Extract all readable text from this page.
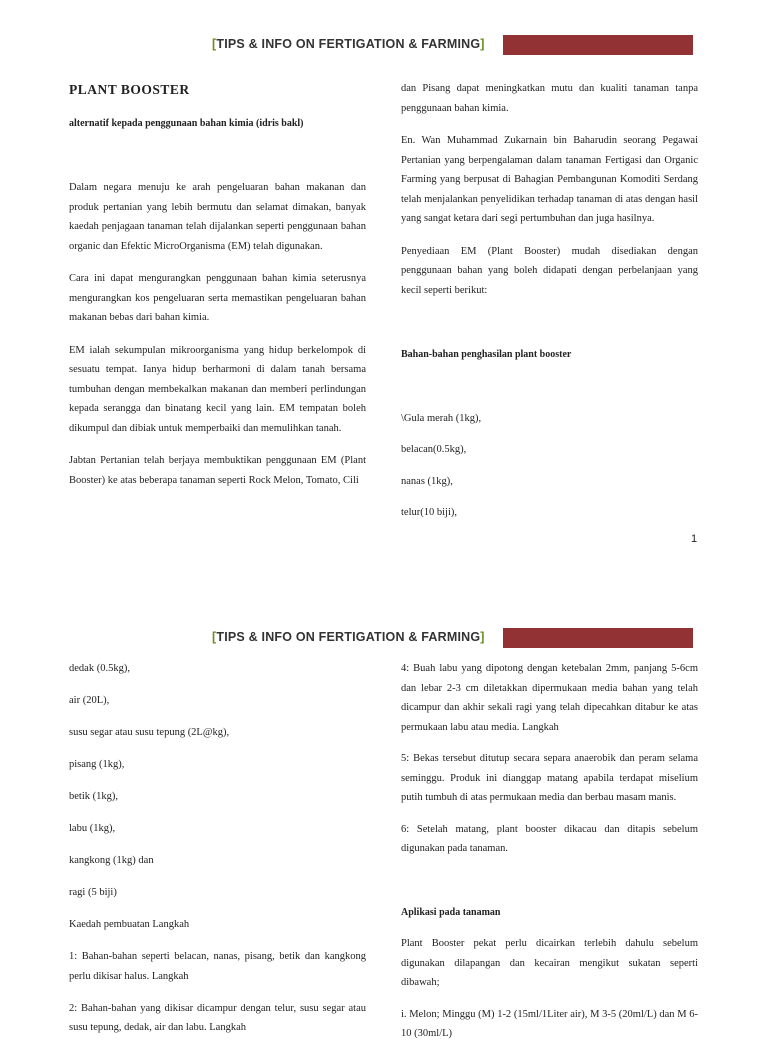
[TIPS & INFO ON FERTIGATION & FARMING]

PLANT BOOSTER

alternatif kepada penggunaan bahan kimia (idris bakl)

Dalam negara menuju ke arah pengeluaran bahan makanan dan produk pertanian yang lebih bermutu dan selamat dimakan, banyak kaedah penjagaan tanaman telah dijalankan seperti penggunaan bahan organic dan Efektic MicroOrganisma (EM) telah digunakan.

Cara ini dapat mengurangkan penggunaan bahan kimia seterusnya mengurangkan kos pengeluaran serta memastikan pengeluaran bahan makanan bebas dari bahan kimia.

EM ialah sekumpulan mikroorganisma yang hidup berkelompok di sesuatu tempat. Ianya hidup berharmoni di dalam tanah bersama tumbuhan dengan membekalkan makanan dan memberi perlindungan kepada serangga dan binatang kecil yang lain. EM tempatan boleh dikumpul dan dibiak untuk memperbaiki dan memulihkan tanah.

Jabtan Pertanian telah berjaya membuktikan penggunaan EM (Plant Booster) ke atas beberapa tanaman seperti Rock Melon, Tomato, Cili

dan Pisang dapat meningkatkan mutu dan kualiti tanaman tanpa penggunaan bahan kimia.

En. Wan Muhammad Zukarnain bin Baharudin seorang Pegawai Pertanian yang berpengalaman dalam tanaman Fertigasi dan Organic Farming yang berpusat di Bahagian Pembangunan Komoditi Serdang telah menjalankan penyelidikan terhadap tanaman di atas dengan hasil yang sangat ketara dari segi pertumbuhan dan juga hasilnya.

Penyediaan EM (Plant Booster) mudah disediakan dengan penggunaan bahan yang boleh didapati dengan perbelanjaan yang kecil seperti berikut:

Bahan-bahan penghasilan plant booster

\Gula merah (1kg),

belacan(0.5kg),

nanas (1kg),

telur(10 biji),

1
[TIPS & INFO ON FERTIGATION & FARMING]

dedak (0.5kg),

air (20L),

susu segar atau susu tepung (2L@kg),

pisang (1kg),

betik (1kg),

labu (1kg),

kangkong (1kg) dan

ragi (5 biji)

Kaedah pembuatan Langkah

1: Bahan-bahan seperti belacan, nanas, pisang, betik dan kangkong perlu dikisar halus. Langkah

2: Bahan-bahan yang dikisar dicampur dengan telur, susu segar atau susu tepung, dedak, air dan labu. Langkah

4: Buah labu yang dipotong dengan ketebalan 2mm, panjang 5-6cm dan lebar 2-3 cm diletakkan dipermukaan media bahan yang telah dicampur dan akhir sekali ragi yang telah dipecahkan ditabur ke atas permukaan labu atau media. Langkah

5: Bekas tersebut ditutup secara separa anaerobik dan peram selama seminggu. Produk ini dianggap matang apabila terdapat miselium putih tumbuh di atas permukaan media dan berbau masam manis.

6: Setelah matang, plant booster dikacau dan ditapis sebelum digunakan pada tanaman.

Aplikasi pada tanaman

Plant Booster pekat perlu dicairkan terlebih dahulu sebelum digunakan dilapangan dan kecairan mengikut sukatan seperti dibawah;

i. Melon; Minggu (M) 1-2 (15ml/1Liter air), M 3-5 (20ml/L) dan M 6-10 (30ml/L)
